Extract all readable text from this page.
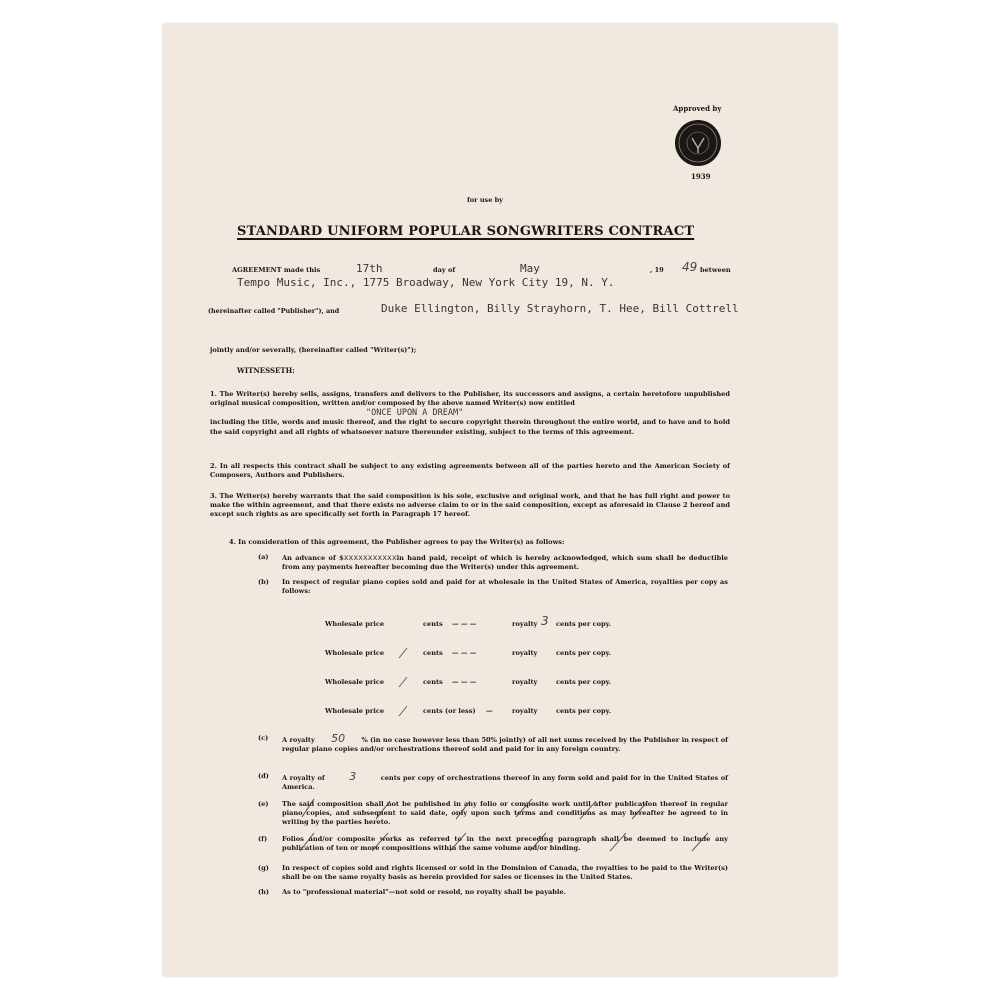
Approved by
1939
for use by
STANDARD UNIFORM POPULAR SONGWRITERS CONTRACT
AGREEMENT made this	17th	day of	May	, 19 49 between
Tempo Music, Inc., 1775 Broadway, New York City 19, N. Y.
(hereinafter called "Publisher"), and	Duke Ellington, Billy Strayhorn, T. Hee, Bill Cottrell
jointly and/or severally, (hereinafter called "Writer(s)");
WITNESSETH:
1. The Writer(s) hereby sells, assigns, transfers and delivers to the Publisher, its successors and assigns, a certain heretofore unpublished original musical composition, written and/or composed by the above named Writer(s) now entitled
"ONCE UPON A DREAM"
including the title, words and music thereof, and the right to secure copyright therein throughout the entire world, and to have and to hold the said copyright and all rights of whatsoever nature thereunder existing, subject to the terms of this agreement.
2. In all respects this contract shall be subject to any existing agreements between all of the parties hereto and the American Society of Composers, Authors and Publishers.
3. The Writer(s) hereby warrants that the said composition is his sole, exclusive and original work, and that he has full right and power to make the within agreement, and that there exists no adverse claim to or in the said composition, except as aforesaid in Clause 2 hereof and except such rights as are specifically set forth in Paragraph 17 hereof.
4. In consideration of this agreement, the Publisher agrees to pay the Writer(s) as follows:
(a) An advance of $xxxxxxxxxxxin hand paid, receipt of which is hereby acknowledged, which sum shall be deductible from any payments hereafter becoming due the Writer(s) under this agreement.
(b) In respect of regular piano copies sold and paid for at wholesale in the United States of America, royalties per copy as follows:
Wholesale price	cents — — —	royalty 3 cents per copy.
Wholesale price	cents — — —	royalty	cents per copy.
Wholesale price	cents — — —	royalty	cents per copy.
Wholesale price	cents (or less) —	royalty	cents per copy.
(c) A royalty 50 % (in no case however less than 50% jointly) of all net sums received by the Publisher in respect of regular piano copies and/or orchestrations thereof sold and paid for in any foreign country.
(d) A royalty of 3	cents per copy of orchestrations thereof in any form sold and paid for in the United States of America.
(e) The said composition shall not be published in any folio or composite work until after publication thereof in regular piano copies, and subsequent to said date, only upon such terms and conditions as may hereafter be agreed to in writing by the parties hereto.
(f) Folios and/or composite works as referred to in the next preceding paragraph shall be deemed to include any publication of ten or more compositions within the same volume and/or binding.
(g) In respect of copies sold and rights licensed or sold in the Dominion of Canada, the royalties to be paid to the Writer(s) shall be on the same royalty basis as herein provided for sales or licenses in the United States.
(h) As to "professional material"—not sold or resold, no royalty shall be payable.
